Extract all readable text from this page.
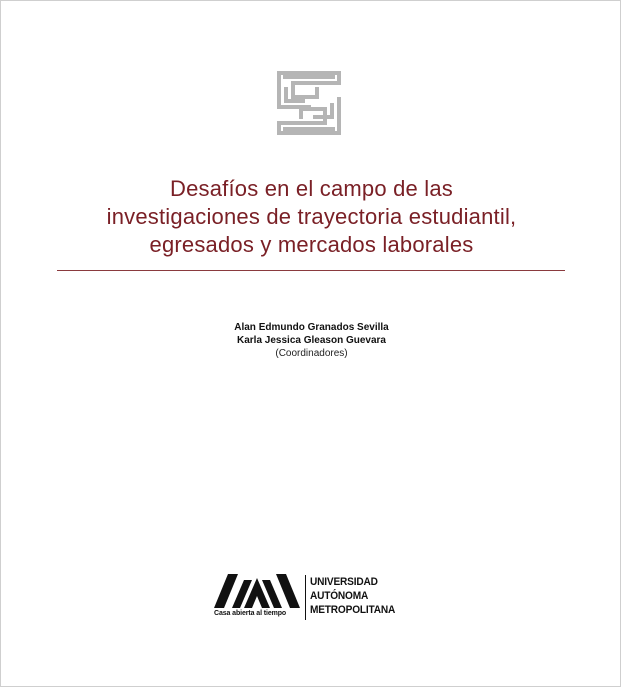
Desafíos en el campo de las
investigaciones de trayectoria estudiantil,
egresados y mercados laborales
Alan Edmundo Granados Sevilla
Karla Jessica Gleason Guevara
(Coordinadores)
Casa abierta al tiempo
UNIVERSIDAD
AUTÓNOMA
METROPOLITANA
